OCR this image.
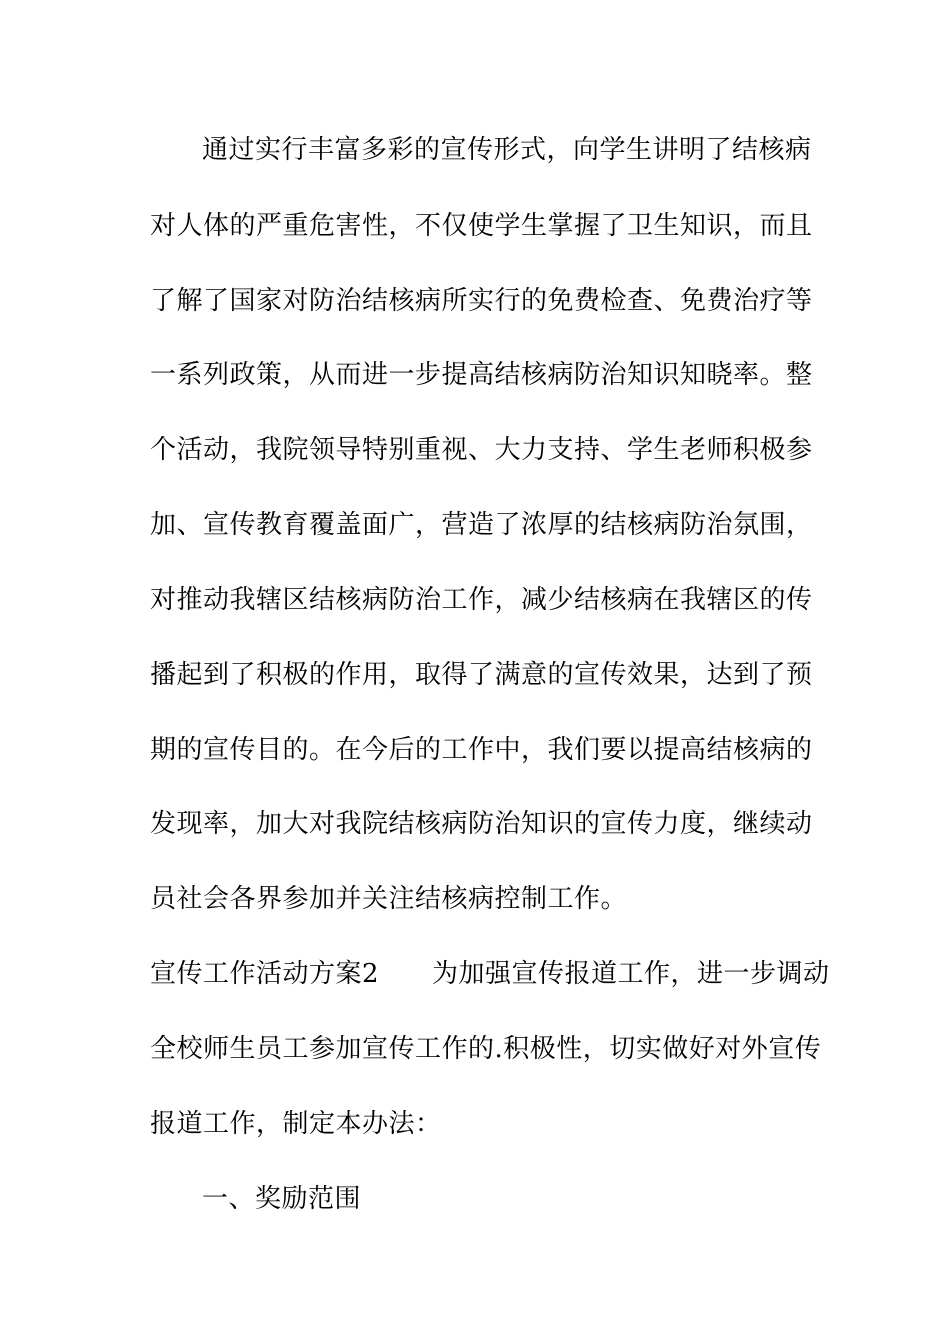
通过实行丰富多彩的宣传形式，向学生讲明了结核病
对人体的严重危害性，不仅使学生掌握了卫生知识，而且
了解了国家对防治结核病所实行的免费检查、免费治疗等
一系列政策，从而进一步提高结核病防治知识知晓率。整
个活动，我院领导特别重视、大力支持、学生老师积极参
加、宣传教育覆盖面广，营造了浓厚的结核病防治氛围，
对推动我辖区结核病防治工作，减少结核病在我辖区的传
播起到了积极的作用，取得了满意的宣传效果，达到了预
期的宣传目的。在今后的工作中，我们要以提高结核病的
发现率，加大对我院结核病防治知识的宣传力度，继续动
员社会各界参加并关注结核病控制工作。
宣传工作活动方案2　　为加强宣传报道工作，进一步调动
全校师生员工参加宣传工作的.积极性，切实做好对外宣传
报道工作，制定本办法：
一、奖励范围
